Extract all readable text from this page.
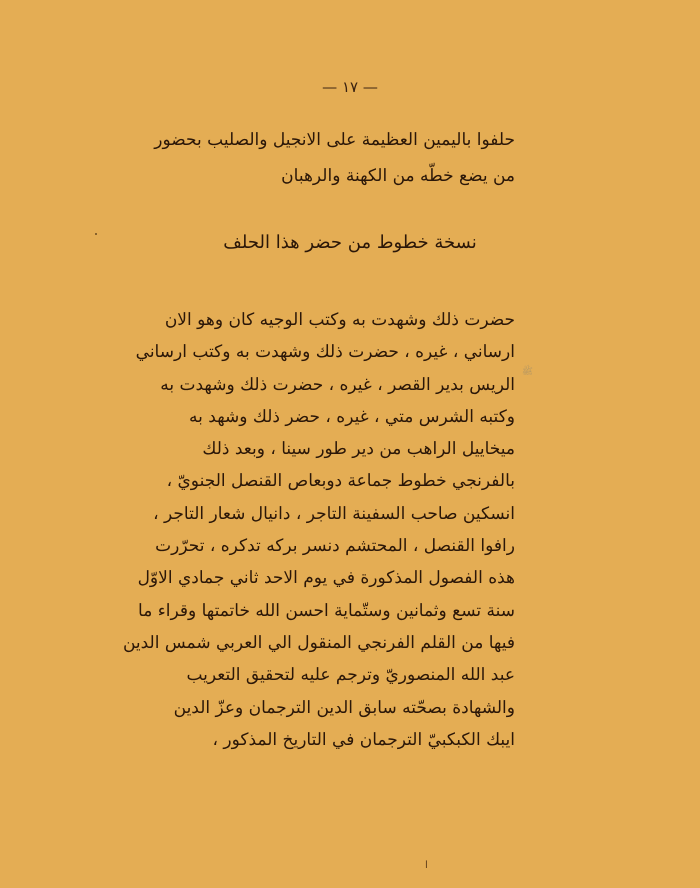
— ١٧ —
حلفوا باليمين العظيمة على الانجيل والصليب بحضور
من يضع خطّه من الكهنة والرهبان
نسخة خطوط من حضر هذا الحلف
حضرت ذلك وشهدت به وكتب الوجيه كان وهو الان
ارساني ، غيره ، حضرت ذلك وشهدت به وكتب ارساني
الريس بدير القصر ، غيره ، حضرت ذلك وشهدت به
وكتبه الشرس متي ، غيره ، حضر ذلك وشهد به
ميخاييل الراهب من دير طور سينا ، وبعد ذلك
بالفرنجي خطوط جماعة دوبعاص القنصل الجنويّ ،
انسكين صاحب السفينة التاجر ، دانيال شعار التاجر ،
رافوا القنصل ، المحتشم دنسر بركه تدكره ، تحرّرت
هذه الفصول المذكورة في يوم الاحد ثاني جمادي الاوّل
سنة تسع وثمانين وستّماية احسن الله خاتمتها وقراء ما
فيها من القلم الفرنجي المنقول الي العربي شمس الدين
عبد الله المنصوريّ وترجم عليه لتحقيق التعريب
والشهادة بصحّته سابق الدين الترجمان وعزّ الدين
ايبك الكبكبيّ الترجمان في التاريخ المذكور ،
ﷺ
ا
